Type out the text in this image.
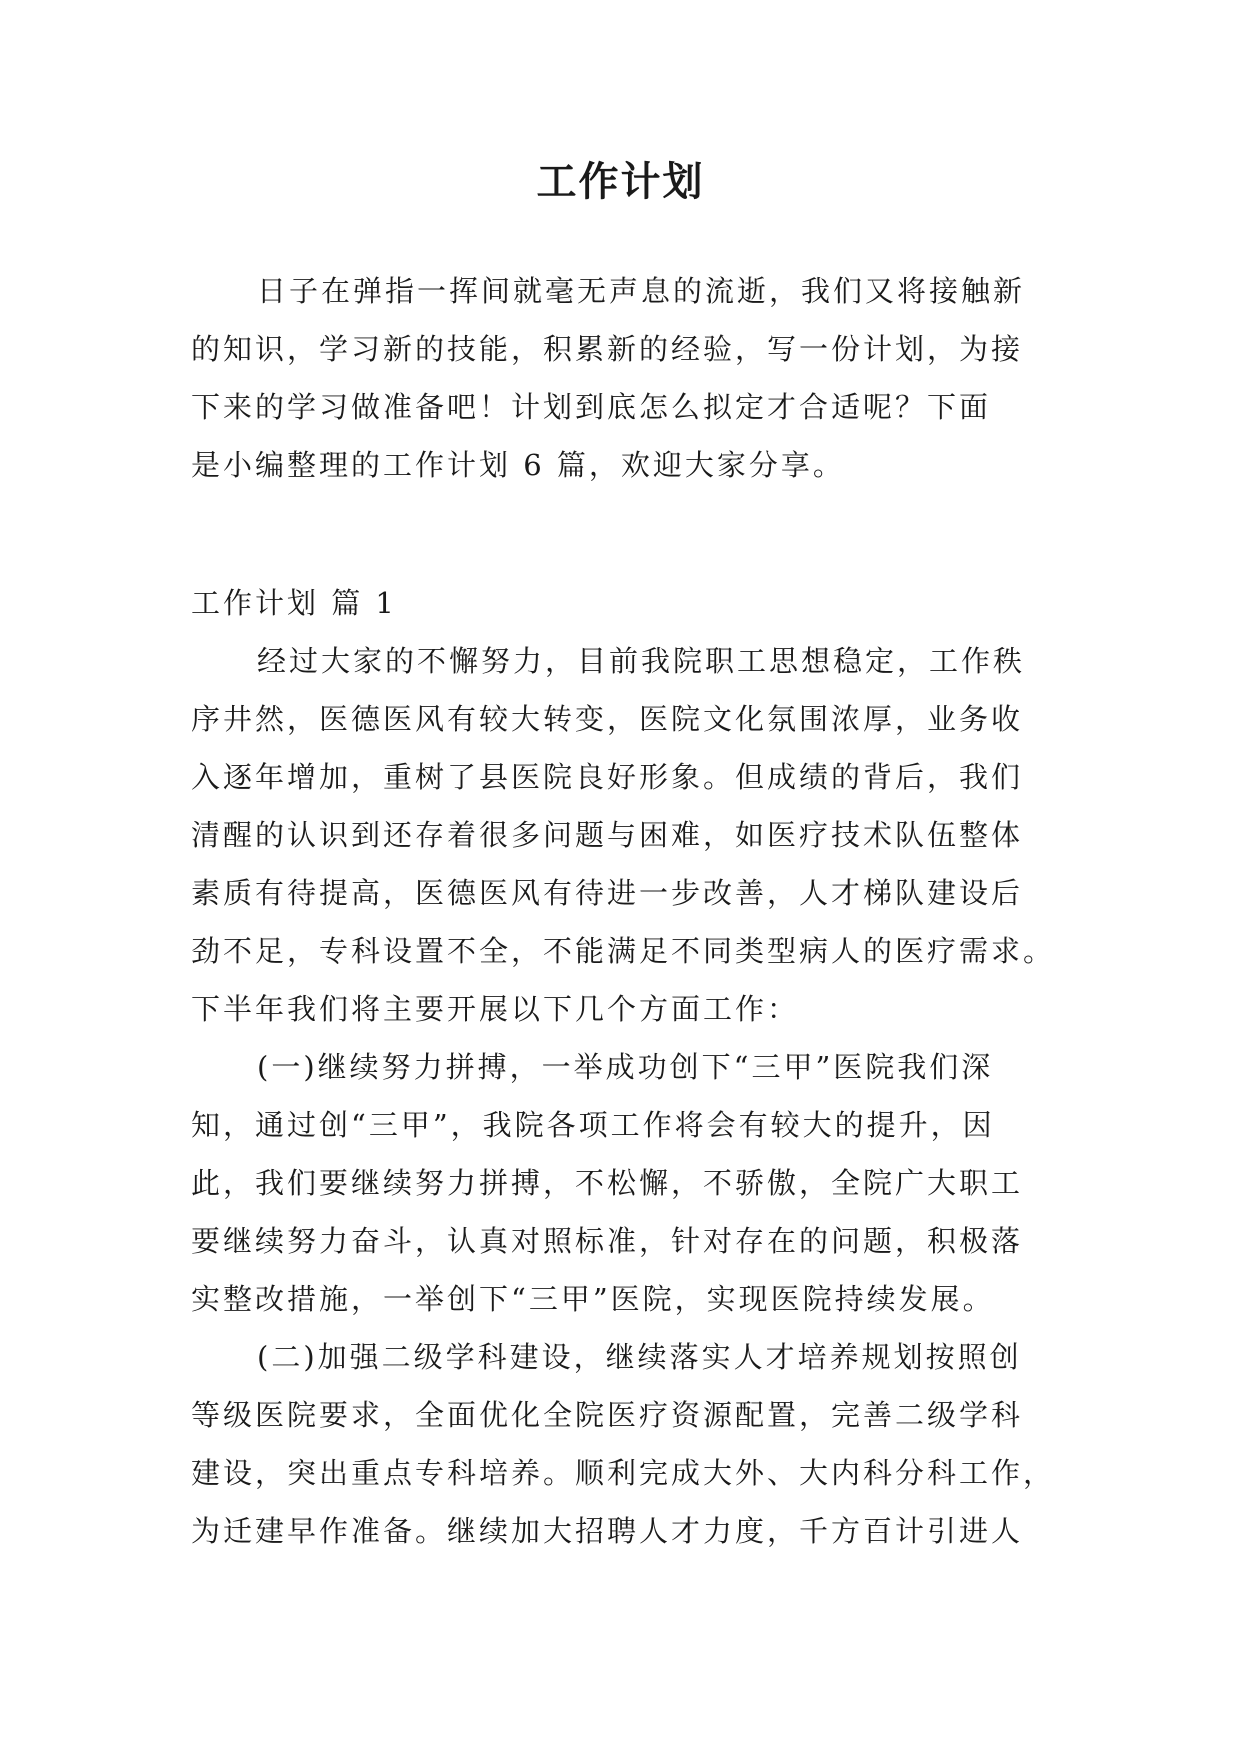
工作计划
日子在弹指一挥间就毫无声息的流逝，我们又将接触新
的知识，学习新的技能，积累新的经验，写一份计划，为接
下来的学习做准备吧！计划到底怎么拟定才合适呢？下面
是小编整理的工作计划 6 篇，欢迎大家分享。
工作计划 篇 1
经过大家的不懈努力，目前我院职工思想稳定，工作秩
序井然，医德医风有较大转变，医院文化氛围浓厚，业务收
入逐年增加，重树了县医院良好形象。但成绩的背后，我们
清醒的认识到还存着很多问题与困难，如医疗技术队伍整体
素质有待提高，医德医风有待进一步改善，人才梯队建设后
劲不足，专科设置不全，不能满足不同类型病人的医疗需求。
下半年我们将主要开展以下几个方面工作：
(一)继续努力拼搏，一举成功创下“三甲”医院我们深
知，通过创“三甲”，我院各项工作将会有较大的提升，因
此，我们要继续努力拼搏，不松懈，不骄傲，全院广大职工
要继续努力奋斗，认真对照标准，针对存在的问题，积极落
实整改措施，一举创下“三甲”医院，实现医院持续发展。
(二)加强二级学科建设，继续落实人才培养规划按照创
等级医院要求，全面优化全院医疗资源配置，完善二级学科
建设，突出重点专科培养。顺利完成大外、大内科分科工作，
为迁建早作准备。继续加大招聘人才力度，千方百计引进人
